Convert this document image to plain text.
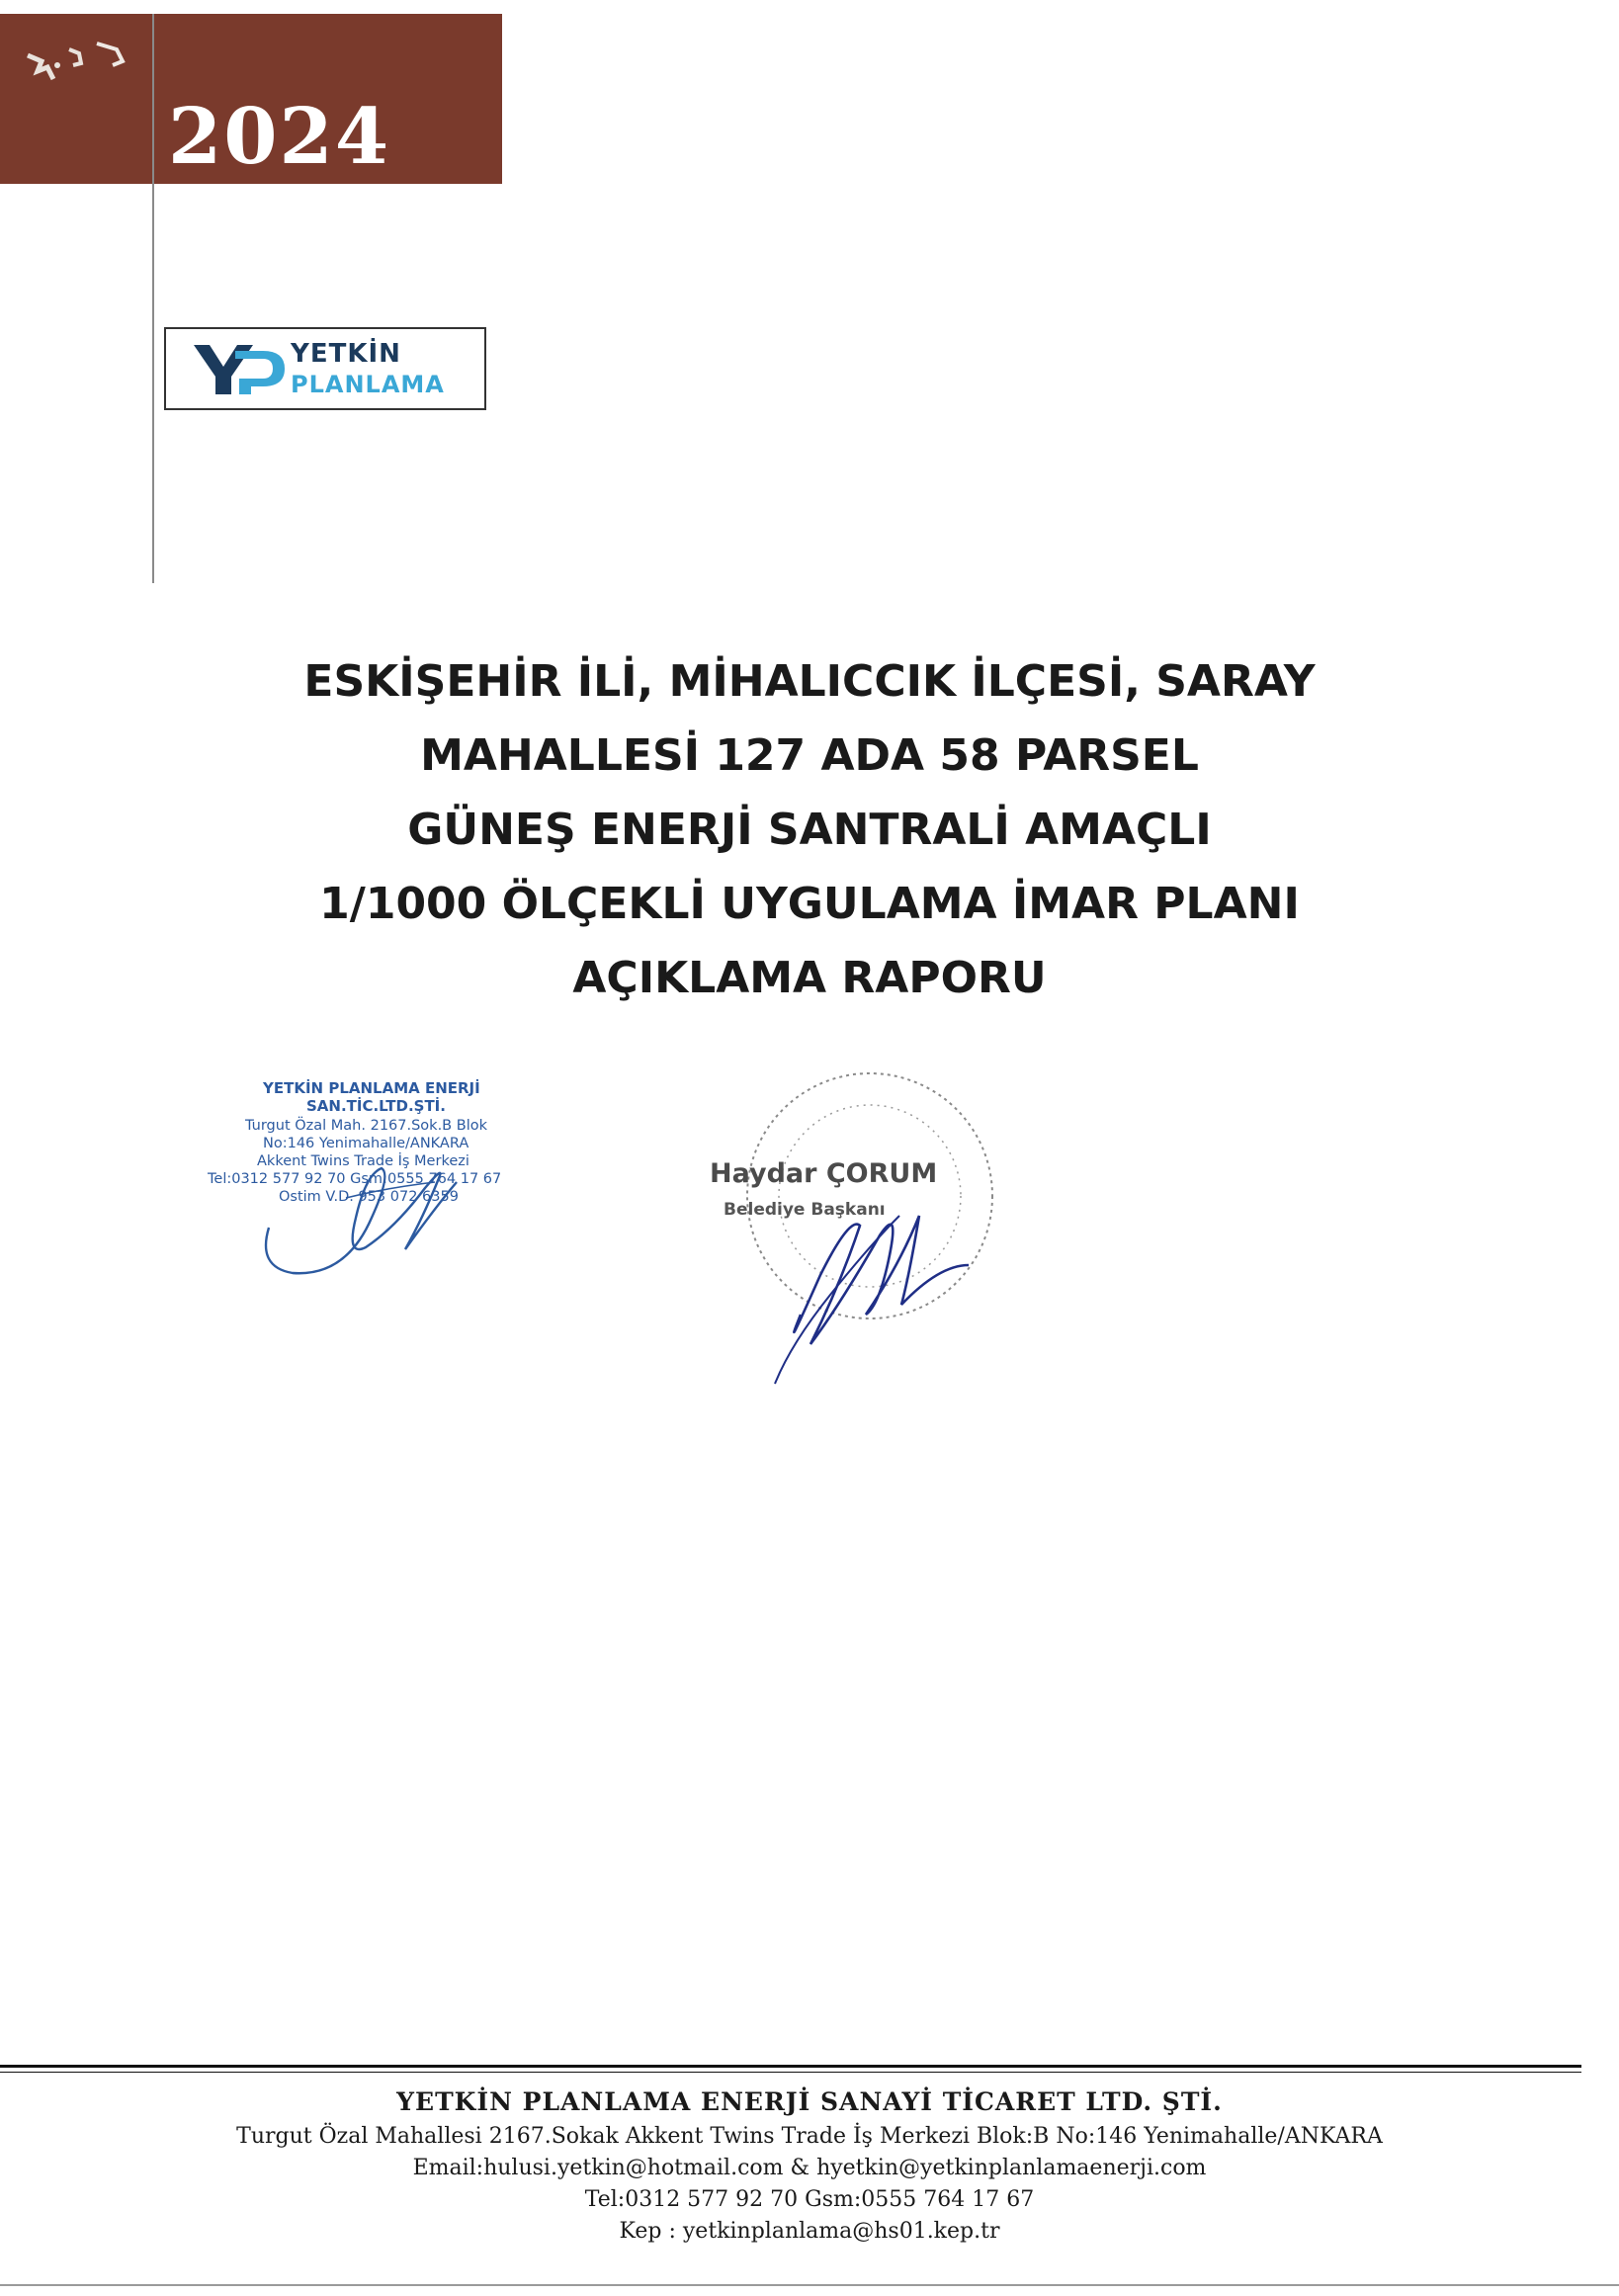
2024
YETKİN
PLANLAMA
ESKİŞEHİR İLİ, MİHALICCIK İLÇESİ, SARAY
MAHALLESİ 127 ADA 58 PARSEL
GÜNEŞ ENERJİ SANTRALİ AMAÇLI
1/1000 ÖLÇEKLİ UYGULAMA İMAR PLANI
AÇIKLAMA RAPORU
YETKİN PLANLAMA ENERJİ
SAN.TİC.LTD.ŞTİ.
Turgut Özal Mah. 2167.Sok.B Blok
No:146 Yenimahalle/ANKARA
Akkent Twins Trade İş Merkezi
Tel:0312 577 92 70 Gsm:0555 764 17 67
Ostim V.D. 953 072 6359
Haydar ÇORUM
Belediye Başkanı
YETKİN PLANLAMA ENERJİ SANAYİ TİCARET LTD. ŞTİ.
Turgut Özal Mahallesi 2167.Sokak Akkent Twins Trade İş Merkezi Blok:B No:146 Yenimahalle/ANKARA
Email:hulusi.yetkin@hotmail.com & hyetkin@yetkinplanlamaenerji.com
Tel:0312 577 92 70 Gsm:0555 764 17 67
Kep : yetkinplanlama@hs01.kep.tr
